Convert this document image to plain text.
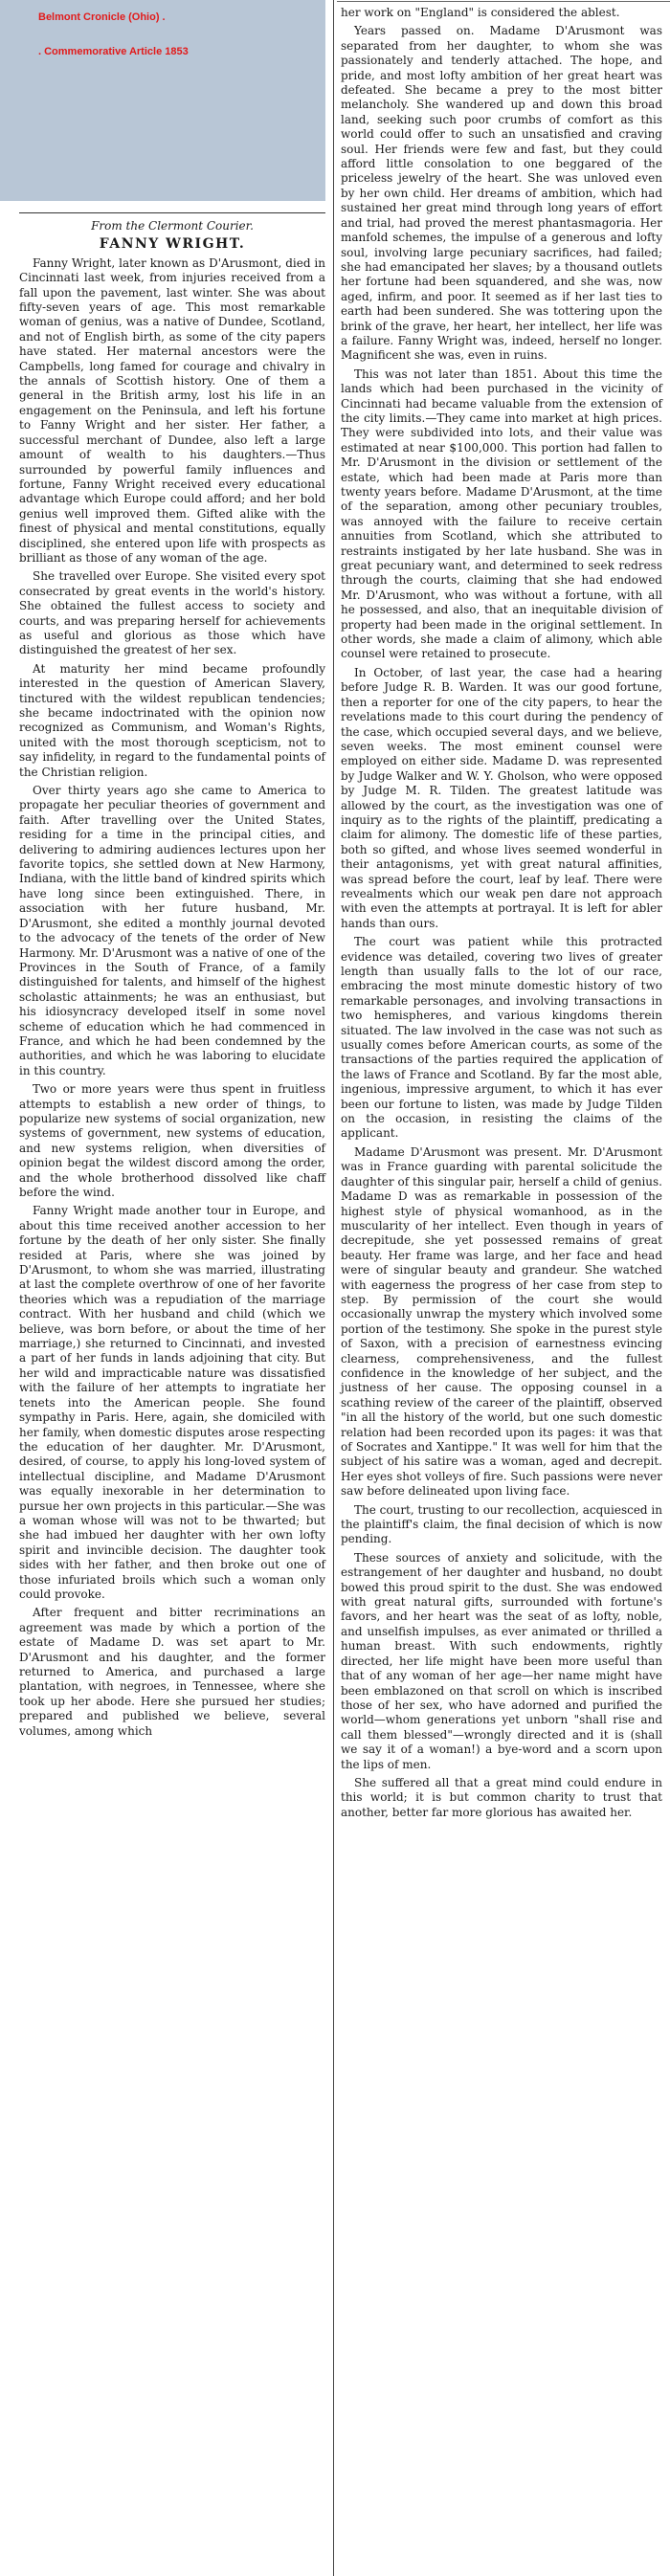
Belmont Cronicle (Ohio) .
. Commemorative Article 1853

From the Clermont Courier.

FANNY WRIGHT.

Fanny Wright, later known as D'Arusmont, died in Cincinnati last week, from injuries received from a fall upon the pavement, last winter. She was about fifty-seven years of age. This most remarkable woman of genius, was a native of Dundee, Scotland, and not of English birth, as some of the city papers have stated. Her maternal ancestors were the Campbells, long famed for courage and chivalry in the annals of Scottish history. One of them a general in the British army, lost his life in an engagement on the Peninsula, and left his fortune to Fanny Wright and her sister. Her father, a successful merchant of Dundee, also left a large amount of wealth to his daughters.—Thus surrounded by powerful family influences and fortune, Fanny Wright received every educational advantage which Europe could afford; and her bold genius well improved them. Gifted alike with the finest of physical and mental constitutions, equally disciplined, she entered upon life with prospects as brilliant as those of any woman of the age.

She travelled over Europe. She visited every spot consecrated by great events in the world's history. She obtained the fullest access to society and courts, and was preparing herself for achievements as useful and glorious as those which have distinguished the greatest of her sex.

At maturity her mind became profoundly interested in the question of American Slavery, tinctured with the wildest republican tendencies; she became indoctrinated with the opinion now recognized as Communism, and Woman's Rights, united with the most thorough scepticism, not to say infidelity, in regard to the fundamental points of the Christian religion.

Over thirty years ago she came to America to propagate her peculiar theories of government and faith. After travelling over the United States, residing for a time in the principal cities, and delivering to admiring audiences lectures upon her favorite topics, she settled down at New Harmony, Indiana, with the little band of kindred spirits which have long since been extinguished. There, in association with her future husband, Mr. D'Arusmont, she edited a monthly journal devoted to the advocacy of the tenets of the order of New Harmony. Mr. D'Arusmont was a native of one of the Provinces in the South of France, of a family distinguished for talents, and himself of the highest scholastic attainments; he was an enthusiast, but his idiosyncracy developed itself in some novel scheme of education which he had commenced in France, and which he had been condemned by the authorities, and which he was laboring to elucidate in this country.

Two or more years were thus spent in fruitless attempts to establish a new order of things, to popularize new systems of social organization, new systems of government, new systems of education, and new systems religion, when diversities of opinion begat the wildest discord among the order, and the whole brotherhood dissolved like chaff before the wind.

Fanny Wright made another tour in Europe, and about this time received another accession to her fortune by the death of her only sister. She finally resided at Paris, where she was joined by D'Arusmont, to whom she was married, illustrating at last the complete overthrow of one of her favorite theories which was a repudiation of the marriage contract. With her husband and child (which we believe, was born before, or about the time of her marriage,) she returned to Cincinnati, and invested a part of her funds in lands adjoining that city. But her wild and impracticable nature was dissatisfied with the failure of her attempts to ingratiate her tenets into the American people. She found sympathy in Paris. Here, again, she domiciled with her family, when domestic disputes arose respecting the education of her daughter. Mr. D'Arusmont, desired, of course, to apply his long-loved system of intellectual discipline, and Madame D'Arusmont was equally inexorable in her determination to pursue her own projects in this particular.—She was a woman whose will was not to be thwarted; but she had imbued her daughter with her own lofty spirit and invincible decision. The daughter took sides with her father, and then broke out one of those infuriated broils which such a woman only could provoke.

After frequent and bitter recriminations an agreement was made by which a portion of the estate of Madame D. was set apart to Mr. D'Arusmont and his daughter, and the former returned to America, and purchased a large plantation, with negroes, in Tennessee, where she took up her abode. Here she pursued her studies; prepared and published we believe, several volumes, among which

her work on "England" is considered the ablest.

Years passed on. Madame D'Arusmont was separated from her daughter, to whom she was passionately and tenderly attached. The hope, and pride, and most lofty ambition of her great heart was defeated. She became a prey to the most bitter melancholy. She wandered up and down this broad land, seeking such poor crumbs of comfort as this world could offer to such an unsatisfied and craving soul. Her friends were few and fast, but they could afford little consolation to one beggared of the priceless jewelry of the heart. She was unloved even by her own child. Her dreams of ambition, which had sustained her great mind through long years of effort and trial, had proved the merest phantasmagoria. Her manfold schemes, the impulse of a generous and lofty soul, involving large pecuniary sacrifices, had failed; she had emancipated her slaves; by a thousand outlets her fortune had been squandered, and she was, now aged, infirm, and poor. It seemed as if her last ties to earth had been sundered. She was tottering upon the brink of the grave, her heart, her intellect, her life was a failure. Fanny Wright was, indeed, herself no longer. Magnificent she was, even in ruins.

This was not later than 1851. About this time the lands which had been purchased in the vicinity of Cincinnati had became valuable from the extension of the city limits.—They came into market at high prices. They were subdivided into lots, and their value was estimated at near $100,000. This portion had fallen to Mr. D'Arusmont in the division or settlement of the estate, which had been made at Paris more than twenty years before. Madame D'Arusmont, at the time of the separation, among other pecuniary troubles, was annoyed with the failure to receive certain annuities from Scotland, which she attributed to restraints instigated by her late husband. She was in great pecuniary want, and determined to seek redress through the courts, claiming that she had endowed Mr. D'Arusmont, who was without a fortune, with all he possessed, and also, that an inequitable division of property had been made in the original settlement. In other words, she made a claim of alimony, which able counsel were retained to prosecute.

In October, of last year, the case had a hearing before Judge R. B. Warden. It was our good fortune, then a reporter for one of the city papers, to hear the revelations made to this court during the pendency of the case, which occupied several days, and we believe, seven weeks. The most eminent counsel were employed on either side. Madame D. was represented by Judge Walker and W. Y. Gholson, who were opposed by Judge M. R. Tilden. The greatest latitude was allowed by the court, as the investigation was one of inquiry as to the rights of the plaintiff, predicating a claim for alimony. The domestic life of these parties, both so gifted, and whose lives seemed wonderful in their antagonisms, yet with great natural affinities, was spread before the court, leaf by leaf. There were revealments which our weak pen dare not approach with even the attempts at portrayal. It is left for abler hands than ours.

The court was patient while this protracted evidence was detailed, covering two lives of greater length than usually falls to the lot of our race, embracing the most minute domestic history of two remarkable personages, and involving transactions in two hemispheres, and various kingdoms therein situated. The law involved in the case was not such as usually comes before American courts, as some of the transactions of the parties required the application of the laws of France and Scotland. By far the most able, ingenious, impressive argument, to which it has ever been our fortune to listen, was made by Judge Tilden on the occasion, in resisting the claims of the applicant.

Madame D'Arusmont was present. Mr. D'Arusmont was in France guarding with parental solicitude the daughter of this singular pair, herself a child of genius. Madame D was as remarkable in possession of the highest style of physical womanhood, as in the muscularity of her intellect. Even though in years of decrepitude, she yet possessed remains of great beauty. Her frame was large, and her face and head were of singular beauty and grandeur. She watched with eagerness the progress of her case from step to step. By permission of the court she would occasionally unwrap the mystery which involved some portion of the testimony. She spoke in the purest style of Saxon, with a precision of earnestness evincing clearness, comprehensiveness, and the fullest confidence in the knowledge of her subject, and the justness of her cause. The opposing counsel in a scathing review of the career of the plaintiff, observed "in all the history of the world, but one such domestic relation had been recorded upon its pages: it was that of Socrates and Xantippe." It was well for him that the subject of his satire was a woman, aged and decrepit. Her eyes shot volleys of fire. Such passions were never saw before delineated upon living face.

The court, trusting to our recollection, acquiesced in the plaintiff's claim, the final decision of which is now pending.

These sources of anxiety and solicitude, with the estrangement of her daughter and husband, no doubt bowed this proud spirit to the dust. She was endowed with great natural gifts, surrounded with fortune's favors, and her heart was the seat of as lofty, noble, and unselfish impulses, as ever animated or thrilled a human breast. With such endowments, rightly directed, her life might have been more useful than that of any woman of her age—her name might have been emblazoned on that scroll on which is inscribed those of her sex, who have adorned and purified the world—whom generations yet unborn "shall rise and call them blessed"—wrongly directed and it is (shall we say it of a woman!) a bye-word and a scorn upon the lips of men.

She suffered all that a great mind could endure in this world; it is but common charity to trust that another, better far more glorious has awaited her.
